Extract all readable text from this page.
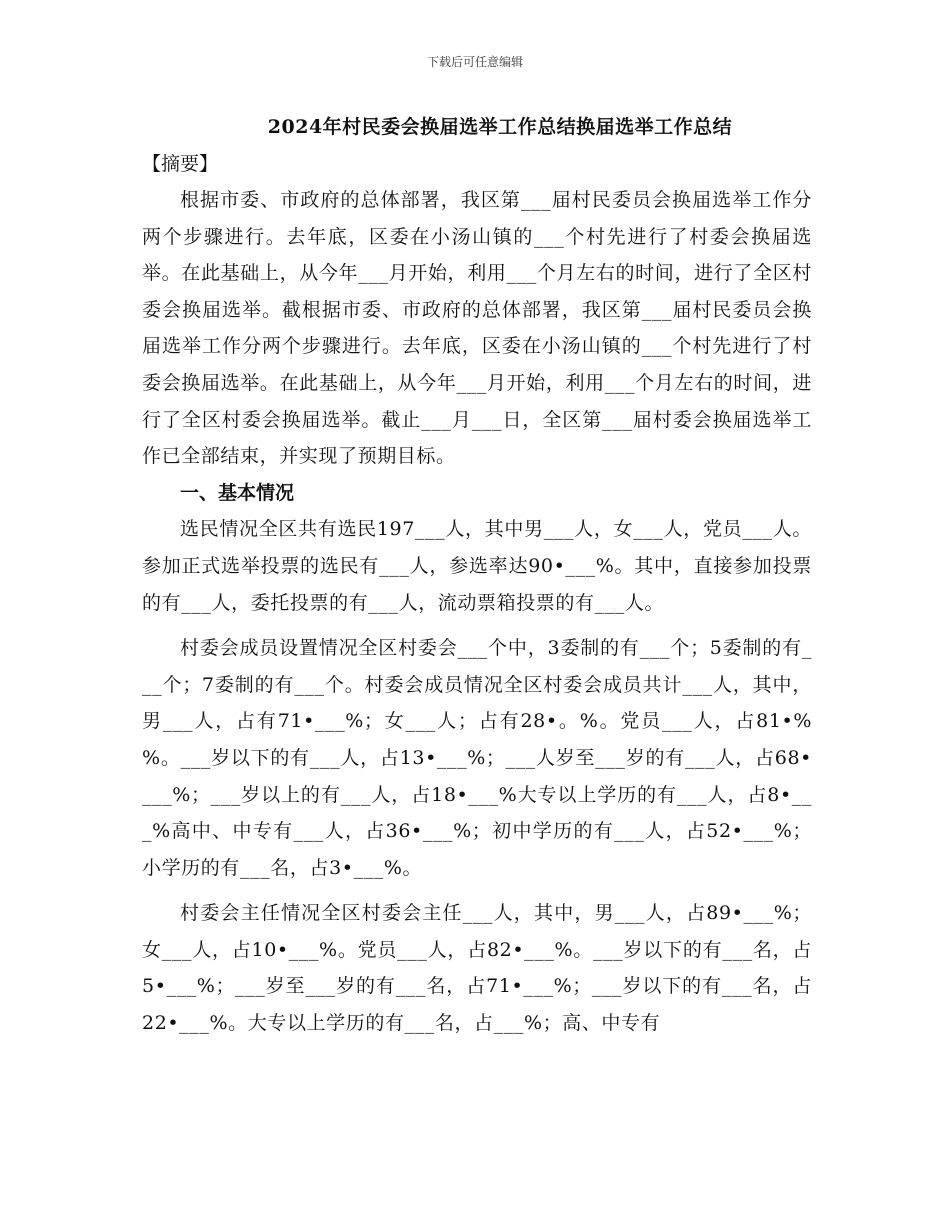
下载后可任意编辑
2024年村民委会换届选举工作总结换届选举工作总结

【摘要】

根据市委、市政府的总体部署，我区第___届村民委员会换届选举工作分两个步骤进行。去年底，区委在小汤山镇的___个村先进行了村委会换届选举。在此基础上，从今年___月开始，利用___个月左右的时间，进行了全区村委会换届选举。截根据市委、市政府的总体部署，我区第___届村民委员会换届选举工作分两个步骤进行。去年底，区委在小汤山镇的___个村先进行了村委会换届选举。在此基础上，从今年___月开始，利用___个月左右的时间，进行了全区村委会换届选举。截止___月___日，全区第___届村委会换届选举工作已全部结束，并实现了预期目标。

一、基本情况

选民情况全区共有选民197___人，其中男___人，女___人，党员___人。参加正式选举投票的选民有___人，参选率达90•___%。其中，直接参加投票的有___人，委托投票的有___人，流动票箱投票的有___人。

村委会成员设置情况全区村委会___个中，3委制的有___个；5委制的有___个；7委制的有___个。村委会成员情况全区村委会成员共计___人，其中，男___人，占有71•___%；女___人；占有28•。%。党员___人，占81•%%。___岁以下的有___人，占13•___%；___人岁至___岁的有___人，占68•___%；___岁以上的有___人，占18•___%大专以上学历的有___人，占8•___%高中、中专有___人，占36•___%；初中学历的有___人，占52•___%；小学历的有___名，占3•___%。

村委会主任情况全区村委会主任___人，其中，男___人，占89•___%；女___人，占10•___%。党员___人，占82•___%。___岁以下的有___名，占5•___%；___岁至___岁的有___名，占71•___%；___岁以下的有___名，占22•___%。大专以上学历的有___名，占___%；高、中专有
